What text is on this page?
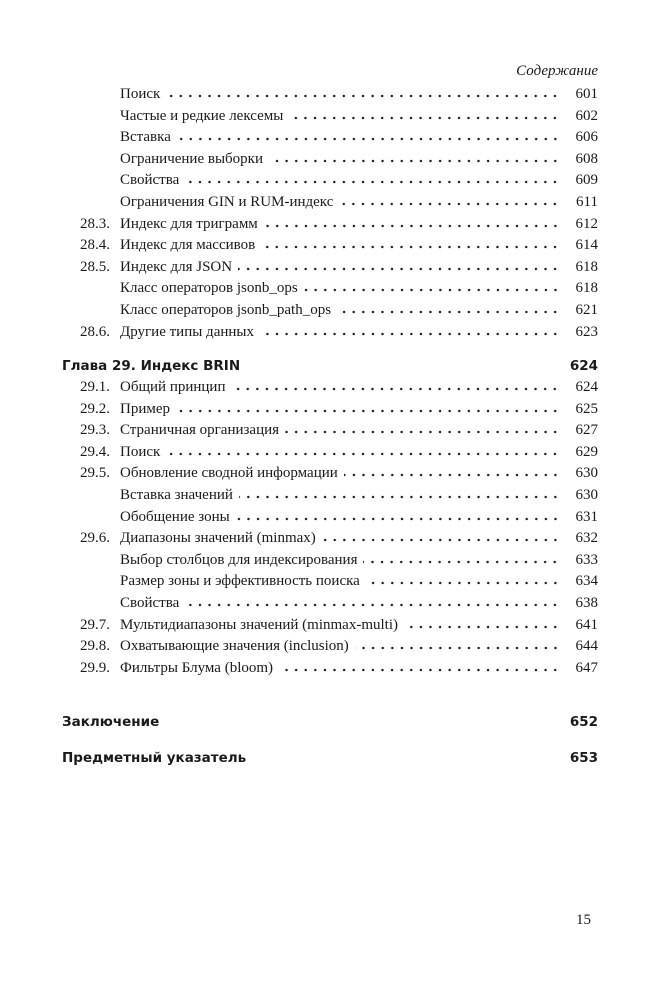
Содержание
Поиск	601
Частые и редкие лексемы	602
Вставка	606
Ограничение выборки	608
Свойства	609
Ограничения GIN и RUM-индекс	611
28.3. Индекс для триграмм	612
28.4. Индекс для массивов	614
28.5. Индекс для JSON	618
Класс операторов jsonb_ops	618
Класс операторов jsonb_path_ops	621
28.6. Другие типы данных	623
Глава 29. Индекс BRIN	624
29.1. Общий принцип	624
29.2. Пример	625
29.3. Страничная организация	627
29.4. Поиск	629
29.5. Обновление сводной информации	630
Вставка значений	630
Обобщение зоны	631
29.6. Диапазоны значений (minmax)	632
Выбор столбцов для индексирования	633
Размер зоны и эффективность поиска	634
Свойства	638
29.7. Мультидиапазоны значений (minmax-multi)	641
29.8. Охватывающие значения (inclusion)	644
29.9. Фильтры Блума (bloom)	647
Заключение	652
Предметный указатель	653
15
